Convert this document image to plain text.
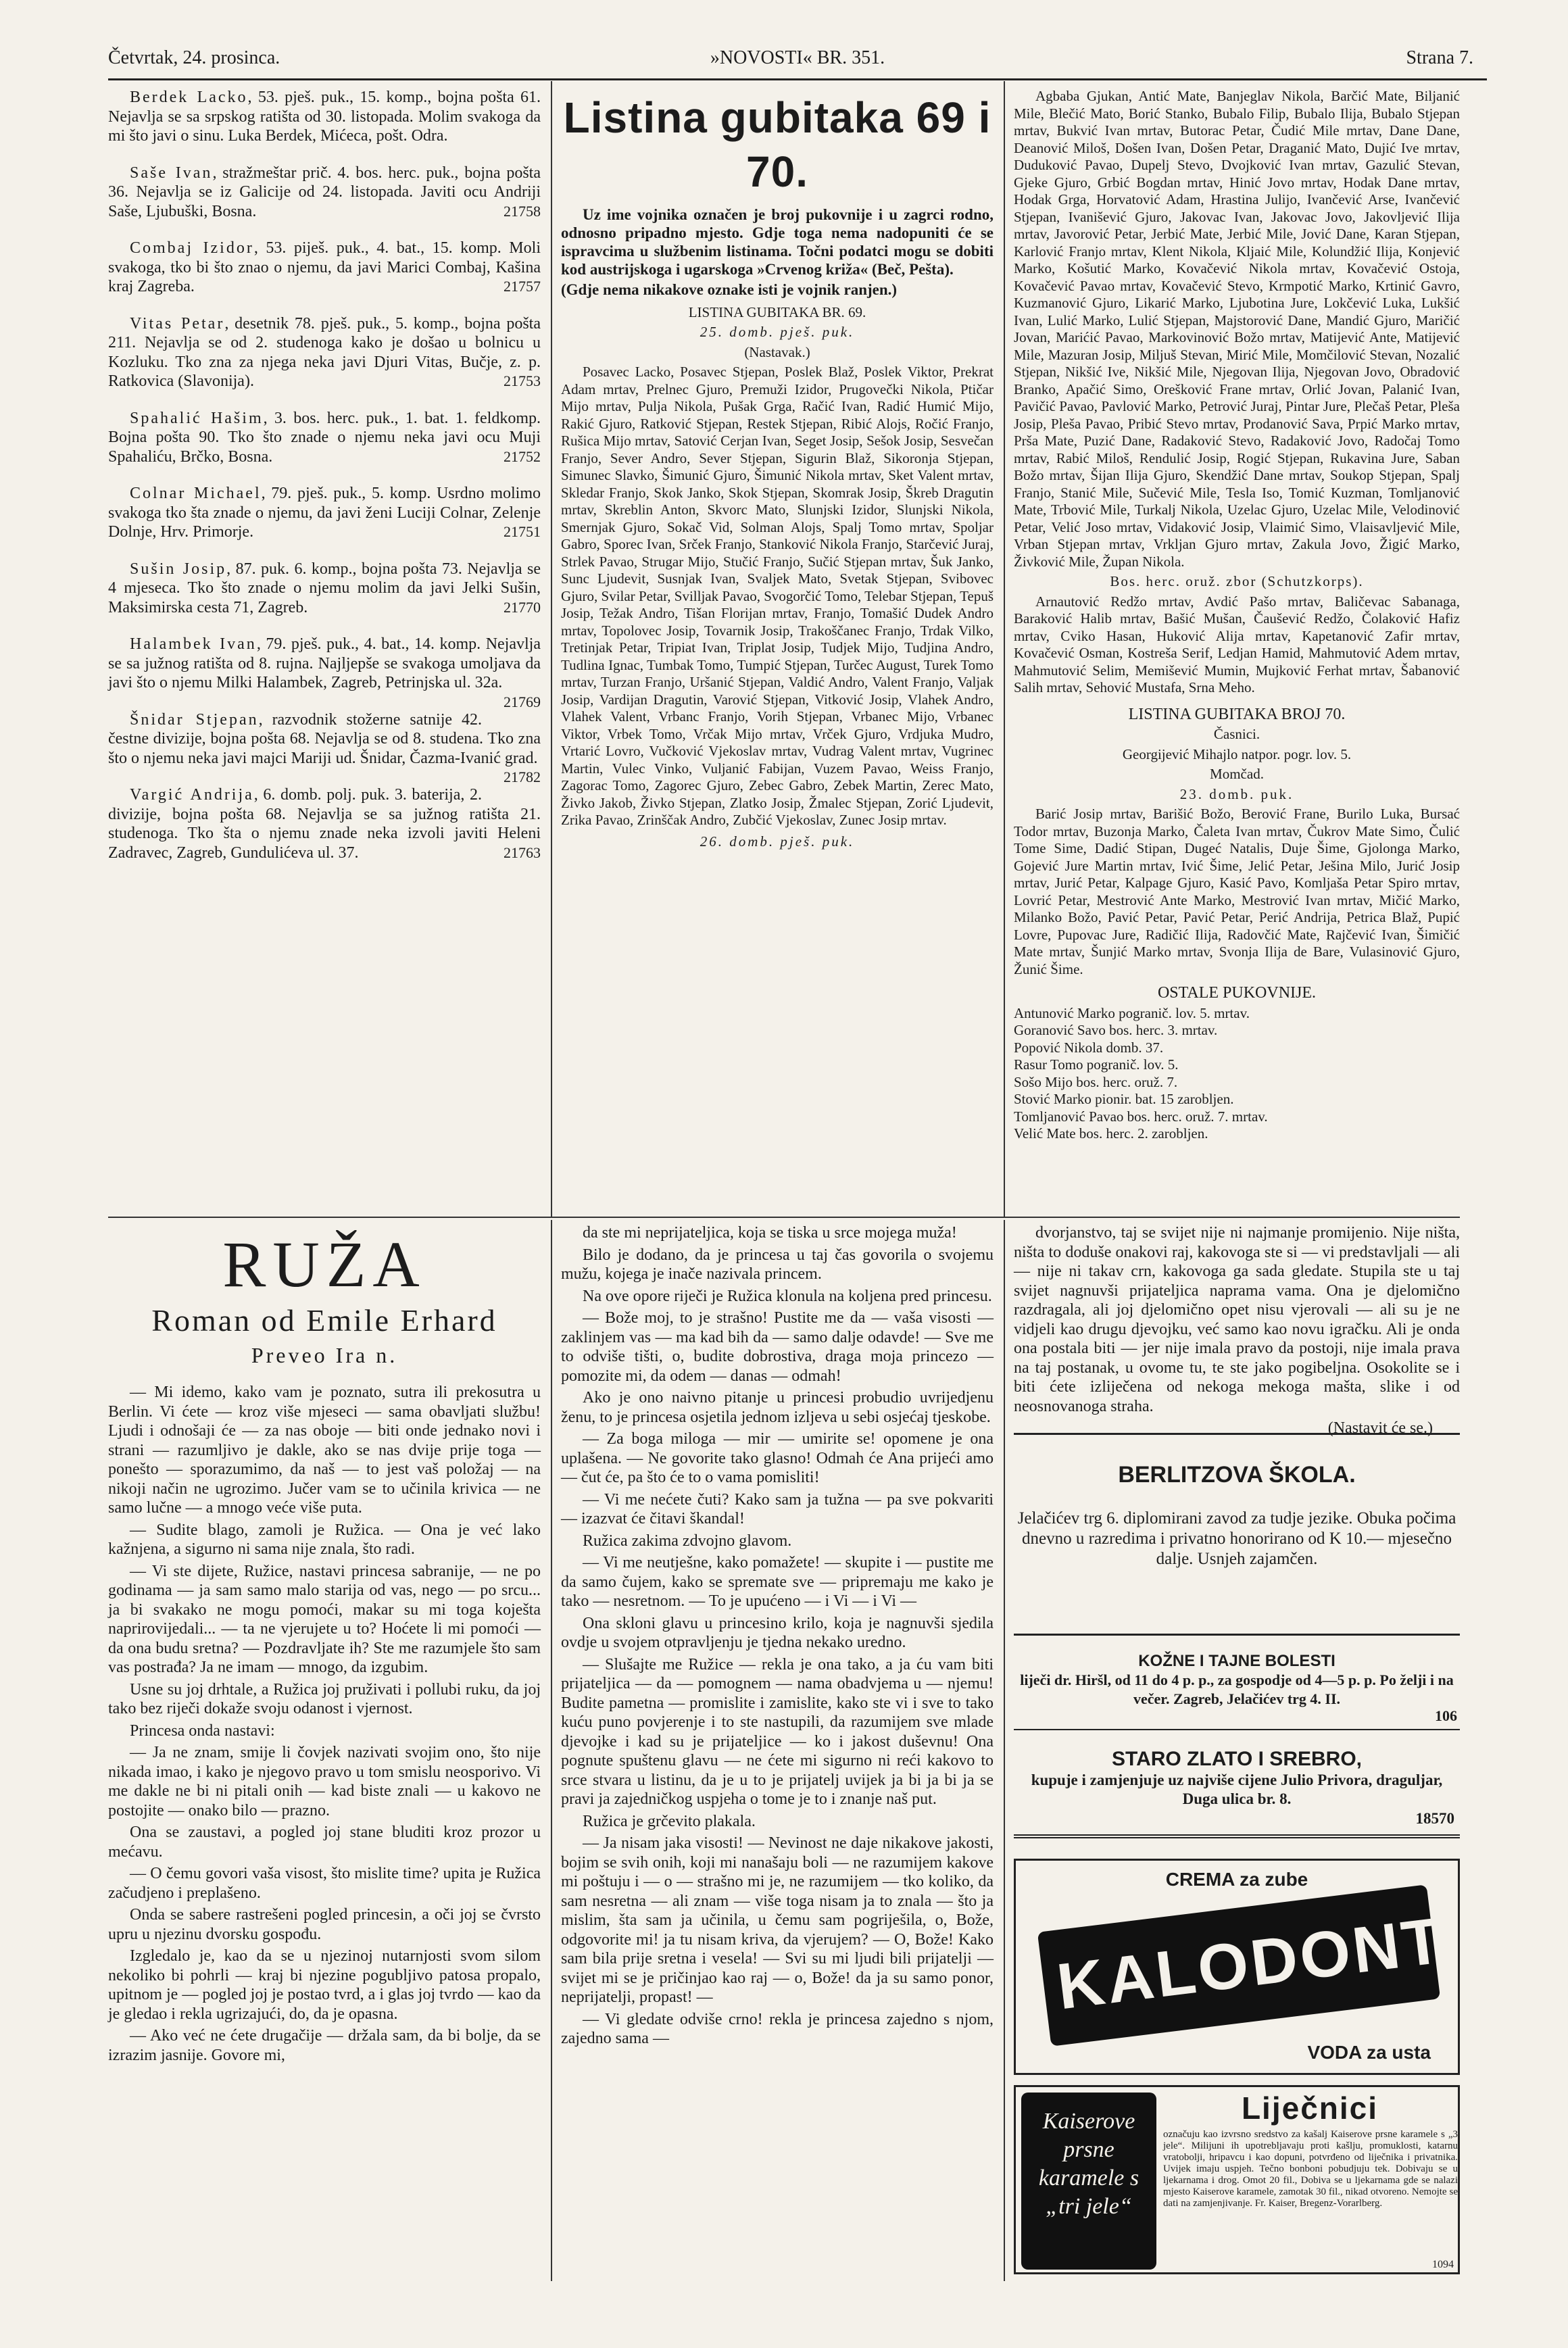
Četvrtak, 24. prosinca.	»NOVOSTI« BR. 351.	Strana 7.

Berdek Lacko, 53. pješ. puk., 15. komp., bojna pošta 61. Nejavlja se sa srpskog ratišta od 30. listopada. Molim svakoga da mi što javi o sinu. Luka Berdek, Mićeca, pošt. Odra.

Saše Ivan, stražmeštar prič. 4. bos. herc. puk., bojna pošta 36. Nejavlja se iz Galicije od 24. listopada. Javiti ocu Andriji Saše, Ljubuški, Bosna.	21758

Combaj Izidor, 53. piješ. puk., 4. bat., 15. komp. Moli svakoga, tko bi što znao o njemu, da javi Marici Combaj, Kašina kraj Zagreba.	21757

Vitas Petar, desetnik 78. pješ. puk., 5. komp., bojna pošta 211. Nejavlja se od 2. studenoga kako je došao u bolnicu u Kozluku. Tko zna za njega neka javi Djuri Vitas, Bučje, z. p. Ratkovica (Slavonija).	21753

Spahalić Hašim, 3. bos. herc. puk., 1. bat. 1. feldkomp. Bojna pošta 90. Tko što znade o njemu neka javi ocu Muji Spahaliću, Brčko, Bosna.	21752

Colnar Michael, 79. pješ. puk., 5. komp. Usrdno molimo svakoga tko šta znade o njemu, da javi ženi Luciji Colnar, Zelenje Dolnje, Hrv. Primorje.	21751

Sušin Josip, 87. puk. 6. komp., bojna pošta 73. Nejavlja se 4 mjeseca. Tko što znade o njemu molim da javi Jelki Sušin, Maksimirska cesta 71, Zagreb.	21770

Halambek Ivan, 79. pješ. puk., 4. bat., 14. komp. Nejavlja se sa južnog ratišta od 8. rujna. Najljepše se svakoga umoljava da javi što o njemu Milki Halambek, Zagreb, Petrinjska ul. 32a.
21769

Šnidar Stjepan, razvodnik stožerne satnije 42. čestne divizije, bojna pošta 68. Nejavlja se od 8. studena. Tko zna što o njemu neka javi majci Mariji ud. Šnidar, Čazma-Ivanić grad.
21782

Vargić Andrija, 6. domb. polj. puk. 3. baterija, 2. divizije, bojna pošta 68. Nejavlja se sa južnog ratišta 21. studenoga. Tko šta o njemu znade neka izvoli javiti Heleni Zadravec, Zagreb, Gundulićeva ul. 37.	21763

Listina gubitaka 69 i 70.

Uz ime vojnika označen je broj pukovnije i u zagrci rodno, odnosno pripadno mjesto. Gdje toga nema nadopuniti će se ispravcima u službenim listinama. Točni podatci mogu se dobiti kod austrijskoga i ugarskoga »Crvenog križa« (Beč, Pešta).

(Gdje nema nikakove oznake isti je vojnik ranjen.)

LISTINA GUBITAKA BR. 69.

25. domb. pješ. puk.

(Nastavak.)

Posavec Lacko, Posavec Stjepan, Poslek Blaž, Poslek Viktor, Prekrat Adam mrtav, Prelnec Gjuro, Premuži Izidor, Prugovečki Nikola, Ptičar Mijo mrtav, Pulja Nikola, Pušak Grga, Račić Ivan, Radić Humić Mijo, Rakić Gjuro, Ratković Stjepan, Restek Stjepan, Ribić Alojs, Ročić Franjo, Rušica Mijo mrtav, Satović Cerjan Ivan, Seget Josip, Sešok Josip, Sesvečan Franjo, Sever Andro, Sever Stjepan, Sigurin Blaž, Sikoronja Stjepan, Simunec Slavko, Šimunić Gjuro, Šimunić Nikola mrtav, Sket Valent mrtav, Skledar Franjo, Skok Janko, Skok Stjepan, Skomrak Josip, Škreb Dragutin mrtav, Skreblin Anton, Skvorc Mato, Slunjski Izidor, Slunjski Nikola, Smernjak Gjuro, Sokač Vid, Solman Alojs, Spalj Tomo mrtav, Spoljar Gabro, Sporec Ivan, Srček Franjo, Stanković Nikola Franjo, Starčević Juraj, Strlek Pavao, Strugar Mijo, Stučić Franjo, Sučić Stjepan mrtav, Šuk Janko, Sunc Ljudevit, Susnjak Ivan, Svaljek Mato, Svetak Stjepan, Svibovec Gjuro, Svilar Petar, Svilljak Pavao, Svogorčić Tomo, Telebar Stjepan, Tepuš Josip, Težak Andro, Tišan Florijan mrtav, Franjo, Tomašić Dudek Andro mrtav, Topolovec Josip, Tovarnik Josip, Trakoščanec Franjo, Trdak Vilko, Tretinjak Petar, Tripiat Ivan, Triplat Josip, Tudjek Mijo, Tudjina Andro, Tudlina Ignac, Tumbak Tomo, Tumpić Stjepan, Turčec August, Turek Tomo mrtav, Turzan Franjo, Uršanić Stjepan, Valdić Andro, Valent Franjo, Valjak Josip, Vardijan Dragutin, Varović Stjepan, Vitković Josip, Vlahek Andro, Vlahek Valent, Vrbanc Franjo, Vorih Stjepan, Vrbanec Mijo, Vrbanec Viktor, Vrbek Tomo, Vrčak Mijo mrtav, Vrček Gjuro, Vrdjuka Mudro, Vrtarić Lovro, Vučković Vjekoslav mrtav, Vudrag Valent mrtav, Vugrinec Martin, Vulec Vinko, Vuljanić Fabijan, Vuzem Pavao, Weiss Franjo, Zagorac Tomo, Zagorec Gjuro, Zebec Gabro, Zebek Martin, Zerec Mato, Živko Jakob, Živko Stjepan, Zlatko Josip, Žmalec Stjepan, Zorić Ljudevit, Zrika Pavao, Zrinščak Andro, Zubčić Vjekoslav, Zunec Josip mrtav.

26. domb. pješ. puk.

Agbaba Gjukan, Antić Mate, Banjeglav Nikola, Barčić Mate, Biljanić Mile, Blečić Mato, Borić Stanko, Bubalo Filip, Bubalo Ilija, Bubalo Stjepan mrtav, Bukvić Ivan mrtav, Butorac Petar, Čudić Mile mrtav, Dane Dane, Deanović Miloš, Došen Ivan, Došen Petar, Draganić Mato, Dujić Ive mrtav, Duduković Pavao, Dupelj Stevo, Dvojković Ivan mrtav, Gazulić Stevan, Gjeke Gjuro, Grbić Bogdan mrtav, Hinić Jovo mrtav, Hodak Dane mrtav, Hodak Grga, Horvatović Adam, Hrastina Julijo, Ivančević Arse, Ivančević Stjepan, Ivanišević Gjuro, Jakovac Ivan, Jakovac Jovo, Jakovljević Ilija mrtav, Javorović Petar, Jerbić Mate, Jerbić Mile, Jović Dane, Karan Stjepan, Karlović Franjo mrtav, Klent Nikola, Kljaić Mile, Kolundžić Ilija, Konjević Marko, Košutić Marko, Kovačević Nikola mrtav, Kovačević Ostoja, Kovačević Pavao mrtav, Kovačević Stevo, Krmpotić Marko, Krtinić Gavro, Kuzmanović Gjuro, Likarić Marko, Ljubotina Jure, Lokčević Luka, Lukšić Ivan, Lulić Marko, Lulić Stjepan, Majstorović Dane, Mandić Gjuro, Maričić Jovan, Marićić Pavao, Markovinović Božo mrtav, Matijević Ante, Matijević Mile, Mazuran Josip, Miljuš Stevan, Mirić Mile, Momčilović Stevan, Nozalić Stjepan, Nikšić Ive, Nikšić Mile, Njegovan Ilija, Njegovan Jovo, Obradović Branko, Apačić Simo, Orešković Frane mrtav, Orlić Jovan, Palanić Ivan, Pavičić Pavao, Pavlović Marko, Petrović Juraj, Pintar Jure, Plečaš Petar, Pleša Josip, Pleša Pavao, Pribić Stevo mrtav, Prodanović Sava, Prpić Marko mrtav, Prša Mate, Puzić Dane, Radaković Stevo, Radaković Jovo, Radočaj Tomo mrtav, Rabić Miloš, Rendulić Josip, Rogić Stjepan, Rukavina Jure, Saban Božo mrtav, Šijan Ilija Gjuro, Skendžić Dane mrtav, Soukop Stjepan, Spalj Franjo, Stanić Mile, Sučević Mile, Tesla Iso, Tomić Kuzman, Tomljanović Mate, Trbović Mile, Turkalj Nikola, Uzelac Gjuro, Uzelac Mile, Velodinović Petar, Velić Joso mrtav, Vidaković Josip, Vlaimić Simo, Vlaisavljević Mile, Vrban Stjepan mrtav, Vrkljan Gjuro mrtav, Zakula Jovo, Žigić Marko, Živković Mile, Župan Nikola.

Bos. herc. oruž. zbor (Schutzkorps).

Arnautović Redžo mrtav, Avdić Pašo mrtav, Baličevac Sabanaga, Baraković Halib mrtav, Bašić Mušan, Čaušević Redžo, Čolaković Hafiz mrtav, Cviko Hasan, Huković Alija mrtav, Kapetanović Zafir mrtav, Kovačević Osman, Kostreša Serif, Ledjan Hamid, Mahmutović Adem mrtav, Mahmutović Selim, Memišević Mumin, Mujković Ferhat mrtav, Šabanović Salih mrtav, Sehović Mustafa, Srna Meho.

LISTINA GUBITAKA BROJ 70.

Časnici.

Georgijević Mihajlo natpor. pogr. lov. 5.

Momčad.

23. domb. puk.

Barić Josip mrtav, Barišić Božo, Berović Frane, Burilo Luka, Bursać Todor mrtav, Buzonja Marko, Čaleta Ivan mrtav, Čukrov Mate Simo, Čulić Tome Sime, Dadić Stipan, Dugeć Natalis, Duje Šime, Gjolonga Marko, Gojević Jure Martin mrtav, Ivić Šime, Jelić Petar, Ješina Milo, Jurić Josip mrtav, Jurić Petar, Kalpage Gjuro, Kasić Pavo, Komljaša Petar Spiro mrtav, Lovrić Petar, Mestrović Ante Marko, Mestrović Ivan mrtav, Mičić Marko, Milanko Božo, Pavić Petar, Pavić Petar, Perić Andrija, Petrica Blaž, Pupić Lovre, Pupovac Jure, Radičić Ilija, Radovčić Mate, Rajčević Ivan, Šimičić Mate mrtav, Šunjić Marko mrtav, Svonja Ilija de Bare, Vulasinović Gjuro, Žunić Šime.

OSTALE PUKOVNIJE.

Antunović Marko pogranič. lov. 5. mrtav.

Goranović Savo bos. herc. 3. mrtav.

Popović Nikola domb. 37.

Rasur Tomo pogranič. lov. 5.

Sošo Mijo bos. herc. oruž. 7.

Stović Marko pionir. bat. 15 zarobljen.

Tomljanović Pavao bos. herc. oruž. 7. mrtav.

Velić Mate bos. herc. 2. zarobljen.

RUŽA
Roman od Emile Erhard
Preveo Ira n.

— Mi idemo, kako vam je poznato, sutra ili prekosutra u Berlin. Vi ćete — kroz više mjeseci — sama obavljati službu! Ljudi i odnošaji će — za nas oboje — biti onde jednako novi i strani — razumljivo je dakle, ako se nas dvije prije toga — ponešto — sporazumimo, da naš — to jest vaš položaj — na nikoji način ne ugrozimo. Jučer vam se to učinila krivica — ne samo lučne — a mnogo veće više puta.

— Sudite blago, zamoli je Ružica. — Ona je već lako kažnjena, a sigurno ni sama nije znala, što radi.

— Vi ste dijete, Ružice, nastavi princesa sabranije, — ne po godinama — ja sam samo malo starija od vas, nego — po srcu... ja bi svakako ne mogu pomoći, makar su mi toga koješta naprirovijedali... — ta ne vjerujete u to? Hoćete li mi pomoći — da ona budu sretna? — Pozdravljate ih? Ste me razumjele što sam vas postrađa? Ja ne imam — mnogo, da izgubim.

Usne su joj drhtale, a Ružica joj pruživati i pollubi ruku, da joj tako bez riječi dokaže svoju odanost i vjernost.

Princesa onda nastavi:

— Ja ne znam, smije li čovjek nazivati svojim ono, što nije nikada imao, i kako je njegovo pravo u tom smislu neosporivo. Vi me dakle ne bi ni pitali onih — kad biste znali — u kakovo ne postojite — onako bilo — prazno.

Ona se zaustavi, a pogled joj stane bluditi kroz prozor u mećavu.

— O čemu govori vaša visost, što mislite time? upita je Ružica začudjeno i preplašeno.

Onda se sabere rastrešeni pogled princesin, a oči joj se čvrsto upru u njezinu dvorsku gospođu.

Izgledalo je, kao da se u njezinoj nutarnjosti svom silom nekoliko bi pohrli — kraj bi njezine pogubljivo patosa propalo, upitnom je — pogled joj je postao tvrd, a i glas joj tvrdo — kao da je gledao i rekla ugrizajući, do, da je opasna.

— Ako već ne ćete drugačije — držala sam, da bi bolje, da se izrazim jasnije. Govore mi,

da ste mi neprijateljica, koja se tiska u srce mojega muža!

Bilo je dodano, da je princesa u taj čas govorila o svojemu mužu, kojega je inače nazivala princem.

Na ove opore riječi je Ružica klonula na koljena pred princesu.

— Bože moj, to je strašno! Pustite me da — vaša visosti — zaklinjem vas — ma kad bih da — samo dalje odavde! — Sve me to odviše tišti, o, budite dobrostiva, draga moja princezo — pomozite mi, da odem — danas — odmah!

Ako je ono naivno pitanje u princesi probudio uvrijedjenu ženu, to je princesa osjetila jednom izljeva u sebi osjećaj tjeskobe.

— Za boga miloga — mir — umirite se! opomene je ona uplašena. — Ne govorite tako glasno! Odmah će Ana prijeći amo — čut će, pa što će to o vama pomisliti!

— Vi me nećete čuti? Kako sam ja tužna — pa sve pokvariti — izazvat će čitavi škandal!

Ružica zakima zdvojno glavom.

— Vi me neutješne, kako pomažete! — skupite i — pustite me da samo čujem, kako se spremate sve — pripremaju me kako je tako — nesretnom. — To je upućeno — i Vi — i Vi —

Ona skloni glavu u princesino krilo, koja je nagnuvši sjedila ovdje u svojem otpravljenju je tjedna nekako uredno.

— Slušajte me Ružice — rekla je ona tako, a ja ću vam biti prijateljica — da — pomognem — nama obadvjema u — njemu! Budite pametna — promislite i zamislite, kako ste vi i sve to tako kuću puno povjerenje i to ste nastupili, da razumijem sve mlade djevojke i kad su je prijateljice — ko i jakost duševnu! Ona pognute spuštenu glavu — ne ćete mi sigurno ni reći kakovo to srce stvara u listinu, da je u to je prijatelj uvijek ja bi ja bi ja se pravi ja zajedničkog uspjeha o tome je to i znanje naš put.

Ružica je grčevito plakala.

— Ja nisam jaka visosti! — Nevinost ne daje nikakove jakosti, bojim se svih onih, koji mi nanašaju boli — ne razumijem kakove mi poštuju i — o — strašno mi je, ne razumijem — tko koliko, da sam nesretna — ali znam — više toga nisam ja to znala — što ja mislim, šta sam ja učinila, u čemu sam pogriješila, o, Bože, odgovorite mi! ja tu nisam kriva, da vjerujem? — O, Bože! Kako sam bila prije sretna i vesela! — Svi su mi ljudi bili prijatelji — svijet mi se je pričinjao kao raj — o, Bože! da ja su samo ponor, neprijatelji, propast! —

— Vi gledate odviše crno! rekla je princesa zajedno s njom, zajedno sama —

dvorjanstvo, taj se svijet nije ni najmanje promijenio. Nije ništa, ništa to doduše onakovi raj, kakovoga ste si — vi predstavljali — ali — nije ni takav crn, kakovoga ga sada gledate. Stupila ste u taj svijet nagnuvši prijateljica naprama vama. Ona je djelomično razdragala, ali joj djelomično opet nisu vjerovali — ali su je ne vidjeli kao drugu djevojku, već samo kao novu igračku. Ali je onda ona postala biti — jer nije imala pravo da postoji, nije imala prava na taj postanak, u ovome tu, te ste jako pogibeljna. Osokolite se i biti ćete izliječena od nekoga mekoga mašta, slike i od neosnovanoga straha.

(Nastavit će se.)

BERLITZOVA ŠKOLA.
Jelačićev trg 6. diplomirani zavod za tudje jezike. Obuka počima dnevno u razredima i privatno honorirano od K 10.— mjesečno dalje. Usnjeh zajamčen.
KOŽNE I TAJNE BOLESTI
liječi dr. Hiršl, od 11 do 4 p. p., za gospodje od 4—5 p. p. Po želji i na večer. Zagreb, Jelačićev trg 4. II.
106
STARO ZLATO I SREBRO,
kupuje i zamjenjuje uz najviše cijene Julio Privora, draguljar, Duga ulica br. 8.
18570
CREMA za zube
KALODONT
VODA za usta
Kaiserove prsne karamele s „tri jele“
Liječnici
označuju kao izvrsno sredstvo za kašalj Kaiserove prsne karamele s „3 jele“. Milijuni ih upotrebljavaju proti kašlju, promuklosti, katarnu vratobolji, hripavcu i kao dopuni, potvrđeno od liječnika i privatnika. Uvijek imaju uspjeh. Tečno bonboni pobudjuju tek. Dobivaju se u ljekarnama i drog. Omot 20 fil., Dobiva se u lјekarnama gde se nalazi mjesto Kaiserove karamele, zamotak 30 fil., nikad otvoreno. Nemojte se dati na zamjenjivanje. Fr. Kaiser, Bregenz-Vorarlberg.
1094
